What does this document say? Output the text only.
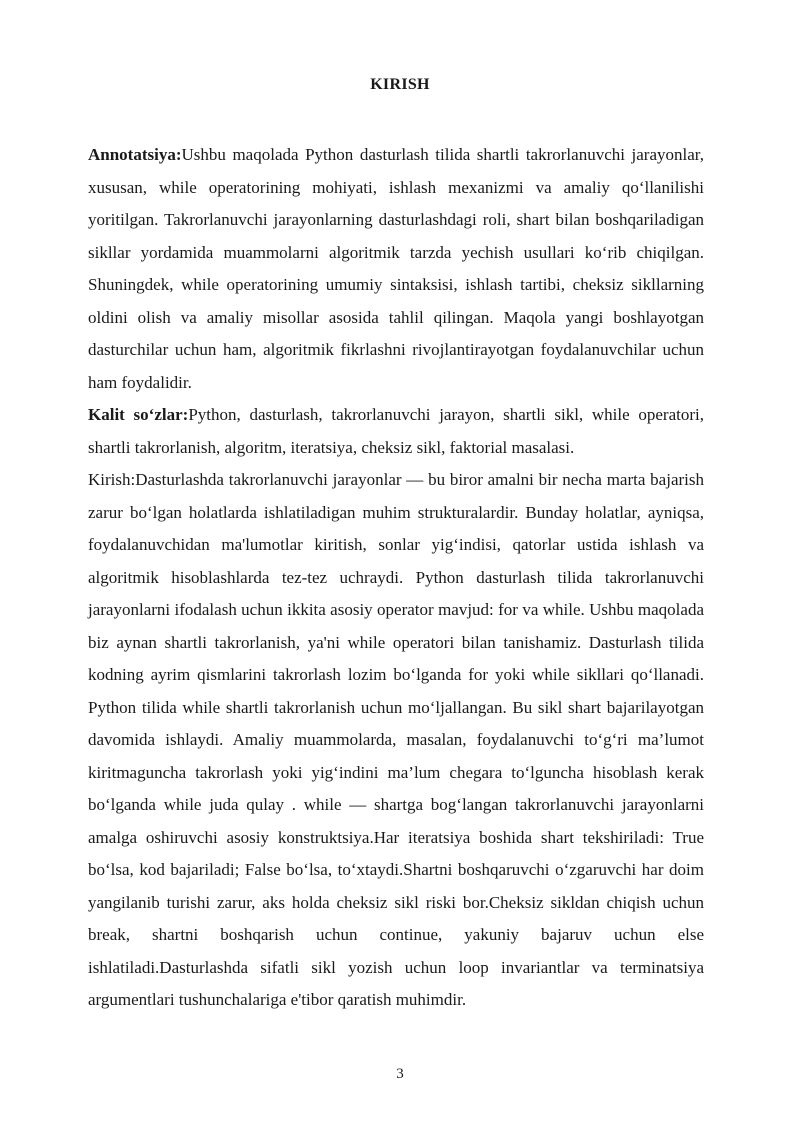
KIRISH

Annotatsiya:Ushbu maqolada Python dasturlash tilida shartli takrorlanuvchi jarayonlar, xususan, while operatorining mohiyati, ishlash mexanizmi va amaliy qo‘llanilishi yoritilgan. Takrorlanuvchi jarayonlarning dasturlashdagi roli, shart bilan boshqariladigan sikllar yordamida muammolarni algoritmik tarzda yechish usullari ko‘rib chiqilgan. Shuningdek, while operatorining umumiy sintaksisi, ishlash tartibi, cheksiz sikllarning oldini olish va amaliy misollar asosida tahlil qilingan. Maqola yangi boshlayotgan dasturchilar uchun ham, algoritmik fikrlashni rivojlantirayotgan foydalanuvchilar uchun ham foydalidir.

Kalit so‘zlar:Python, dasturlash, takrorlanuvchi jarayon, shartli sikl, while operatori, shartli takrorlanish, algoritm, iteratsiya, cheksiz sikl, faktorial masalasi.

Kirish:Dasturlashda takrorlanuvchi jarayonlar — bu biror amalni bir necha marta bajarish zarur bo‘lgan holatlarda ishlatiladigan muhim strukturalardir. Bunday holatlar, ayniqsa, foydalanuvchidan ma'lumotlar kiritish, sonlar yig‘indisi, qatorlar ustida ishlash va algoritmik hisoblashlarda tez-tez uchraydi. Python dasturlash tilida takrorlanuvchi jarayonlarni ifodalash uchun ikkita asosiy operator mavjud: for va while. Ushbu maqolada biz aynan shartli takrorlanish, ya'ni while operatori bilan tanishamiz. Dasturlash tilida kodning ayrim qismlarini takrorlash lozim bo‘lganda for yoki while sikllari qo‘llanadi. Python tilida while shartli takrorlanish uchun mo‘ljallangan. Bu sikl shart bajarilayotgan davomida ishlaydi. Amaliy muammolarda, masalan, foydalanuvchi to‘g‘ri ma’lumot kiritmaguncha takrorlash yoki yig‘indini ma’lum chegara to‘lguncha hisoblash kerak bo‘lganda while juda qulay . while — shartga bog‘langan takrorlanuvchi jarayonlarni amalga oshiruvchi asosiy konstruktsiya.Har iteratsiya boshida shart tekshiriladi: True bo‘lsa, kod bajariladi; False bo‘lsa, to‘xtaydi.Shartni boshqaruvchi o‘zgaruvchi har doim yangilanib turishi zarur, aks holda cheksiz sikl riski bor.Cheksiz sikldan chiqish uchun break, shartni boshqarish uchun continue, yakuniy bajaruv uchun else ishlatiladi.Dasturlashda sifatli sikl yozish uchun loop invariantlar va terminatsiya argumentlari tushunchalariga e'tibor qaratish muhimdir.

3
